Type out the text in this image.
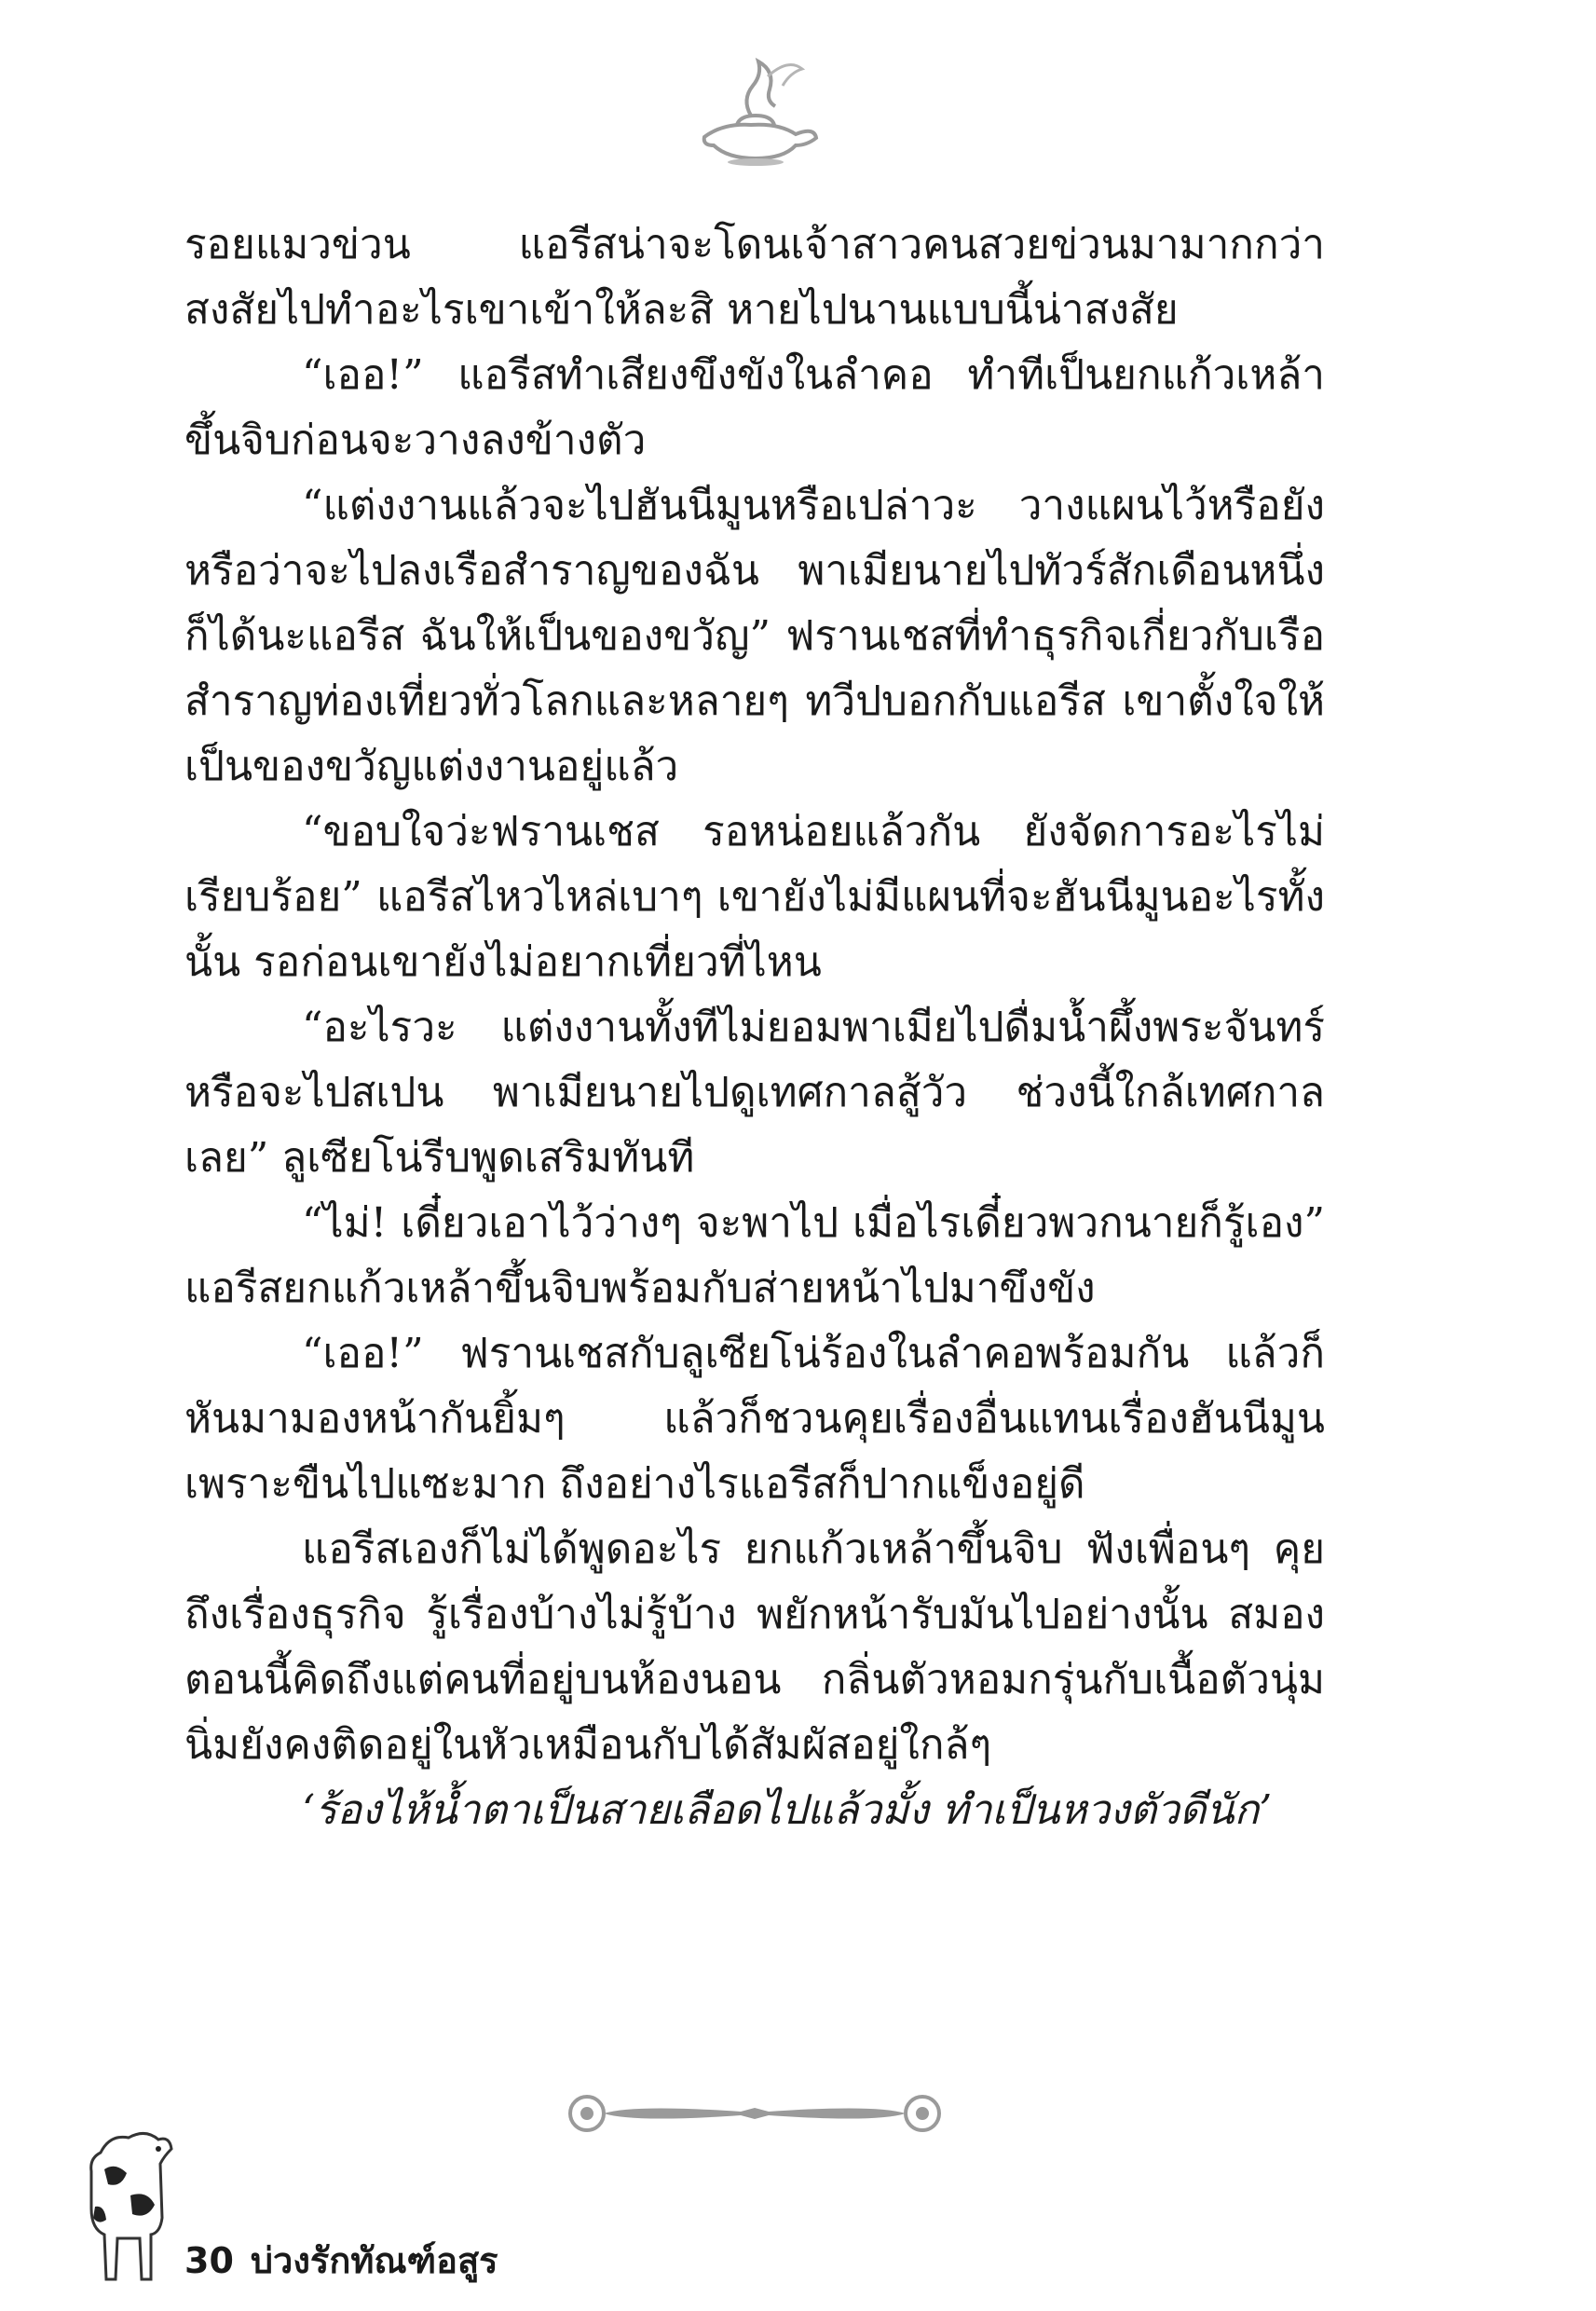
รอยแมวข่วน แอรีสน่าจะโดนเจ้าสาวคนสวยข่วนมามากกว่า สงสัยไปทำอะไรเขาเข้าให้ละสิ หายไปนานแบบนี้น่าสงสัย

“เออ!” แอรีสทำเสียงขึงขังในลำคอ ทำทีเป็นยกแก้วเหล้าขึ้นจิบก่อนจะวางลงข้างตัว

“แต่งงานแล้วจะไปฮันนีมูนหรือเปล่าวะ วางแผนไว้หรือยัง หรือว่าจะไปลงเรือสำราญของฉัน พาเมียนายไปทัวร์สักเดือนหนึ่งก็ได้นะแอรีส ฉันให้เป็นของขวัญ” ฟรานเชสที่ทำธุรกิจเกี่ยวกับเรือสำราญท่องเที่ยวทั่วโลกและหลายๆ ทวีปบอกกับแอรีส เขาตั้งใจให้เป็นของขวัญแต่งงานอยู่แล้ว

“ขอบใจว่ะฟรานเชส รอหน่อยแล้วกัน ยังจัดการอะไรไม่เรียบร้อย” แอรีสไหวไหล่เบาๆ เขายังไม่มีแผนที่จะฮันนีมูนอะไรทั้งนั้น รอก่อนเขายังไม่อยากเที่ยวที่ไหน

“อะไรวะ แต่งงานทั้งทีไม่ยอมพาเมียไปดื่มน้ำผึ้งพระจันทร์ หรือจะไปสเปน พาเมียนายไปดูเทศกาลสู้วัว ช่วงนี้ใกล้เทศกาลเลย” ลูเซียโน่รีบพูดเสริมทันที

“ไม่! เดี๋ยวเอาไว้ว่างๆ จะพาไป เมื่อไรเดี๋ยวพวกนายก็รู้เอง” แอรีสยกแก้วเหล้าขึ้นจิบพร้อมกับส่ายหน้าไปมาขึงขัง

“เออ!” ฟรานเชสกับลูเซียโน่ร้องในลำคอพร้อมกัน แล้วก็หันมามองหน้ากันยิ้มๆ แล้วก็ชวนคุยเรื่องอื่นแทนเรื่องฮันนีมูน เพราะขืนไปแซะมาก ถึงอย่างไรแอรีสก็ปากแข็งอยู่ดี

แอรีสเองก็ไม่ได้พูดอะไร ยกแก้วเหล้าขึ้นจิบ ฟังเพื่อนๆ คุยถึงเรื่องธุรกิจ รู้เรื่องบ้างไม่รู้บ้าง พยักหน้ารับมันไปอย่างนั้น สมองตอนนี้คิดถึงแต่คนที่อยู่บนห้องนอน กลิ่นตัวหอมกรุ่นกับเนื้อตัวนุ่มนิ่มยังคงติดอยู่ในหัวเหมือนกับได้สัมผัสอยู่ใกล้ๆ

‘ร้องไห้น้ำตาเป็นสายเลือดไปแล้วมั้ง ทำเป็นหวงตัวดีนัก’

30 บ่วงรักทัณฑ์อสูร
